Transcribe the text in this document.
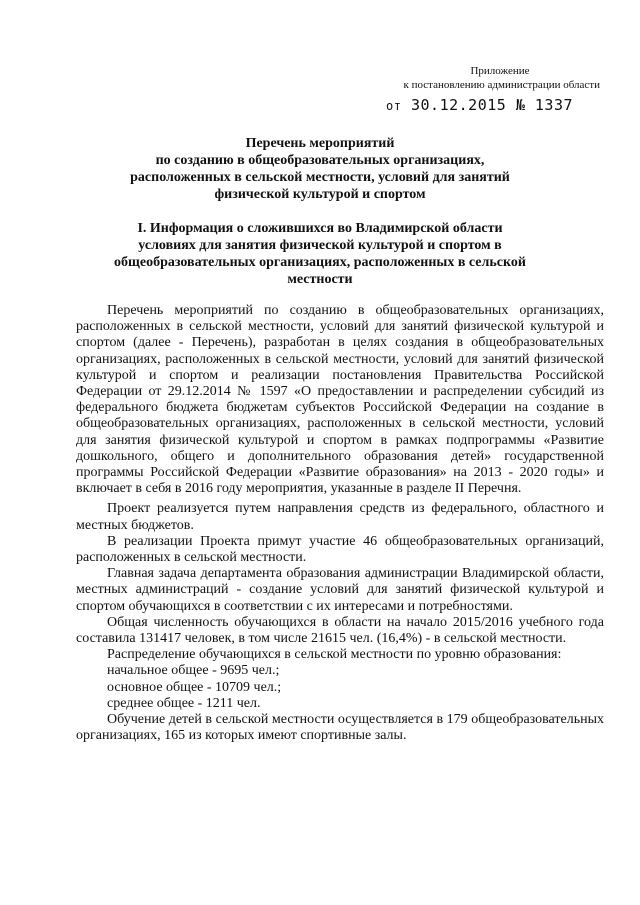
Приложение
к постановлению администрации области
от 30.12.2015 № 1337
Перечень мероприятий
по созданию в общеобразовательных организациях,
расположенных в сельской местности, условий для занятий
физической культурой и спортом
I. Информация о сложившихся во Владимирской области
условиях для занятия физической культурой и спортом в
общеобразовательных организациях, расположенных в сельской
местности

Перечень мероприятий по созданию в общеобразовательных организациях, расположенных в сельской местности, условий для занятий физической культурой и спортом (далее - Перечень), разработан в целях создания в общеобразовательных организациях, расположенных в сельской местности, условий для занятий физической культурой и спортом и реализации постановления Правительства Российской Федерации от 29.12.2014 № 1597 «О предоставлении и распределении субсидий из федерального бюджета бюджетам субъектов Российской Федерации на создание в общеобразовательных организациях, расположенных в сельской местности, условий для занятия физической культурой и спортом в рамках подпрограммы «Развитие дошкольного, общего и дополнительного образования детей» государственной программы Российской Федерации «Развитие образования» на 2013 - 2020 годы» и включает в себя в 2016 году мероприятия, указанные в разделе II Перечня.

Проект реализуется путем направления средств из федерального, областного и местных бюджетов.

В реализации Проекта примут участие 46 общеобразовательных организаций, расположенных в сельской местности.

Главная задача департамента образования администрации Владимирской области, местных администраций - создание условий для занятий физической культурой и спортом обучающихся в соответствии с их интересами и потребностями.

Общая численность обучающихся в области на начало 2015/2016 учебного года составила 131417 человек, в том числе 21615 чел. (16,4%) - в сельской местности.

Распределение обучающихся в сельской местности по уровню образования:

начальное общее - 9695 чел.;

основное общее - 10709 чел.;

среднее общее - 1211 чел.

Обучение детей в сельской местности осуществляется в 179 общеобразовательных организациях, 165 из которых имеют спортивные залы.
